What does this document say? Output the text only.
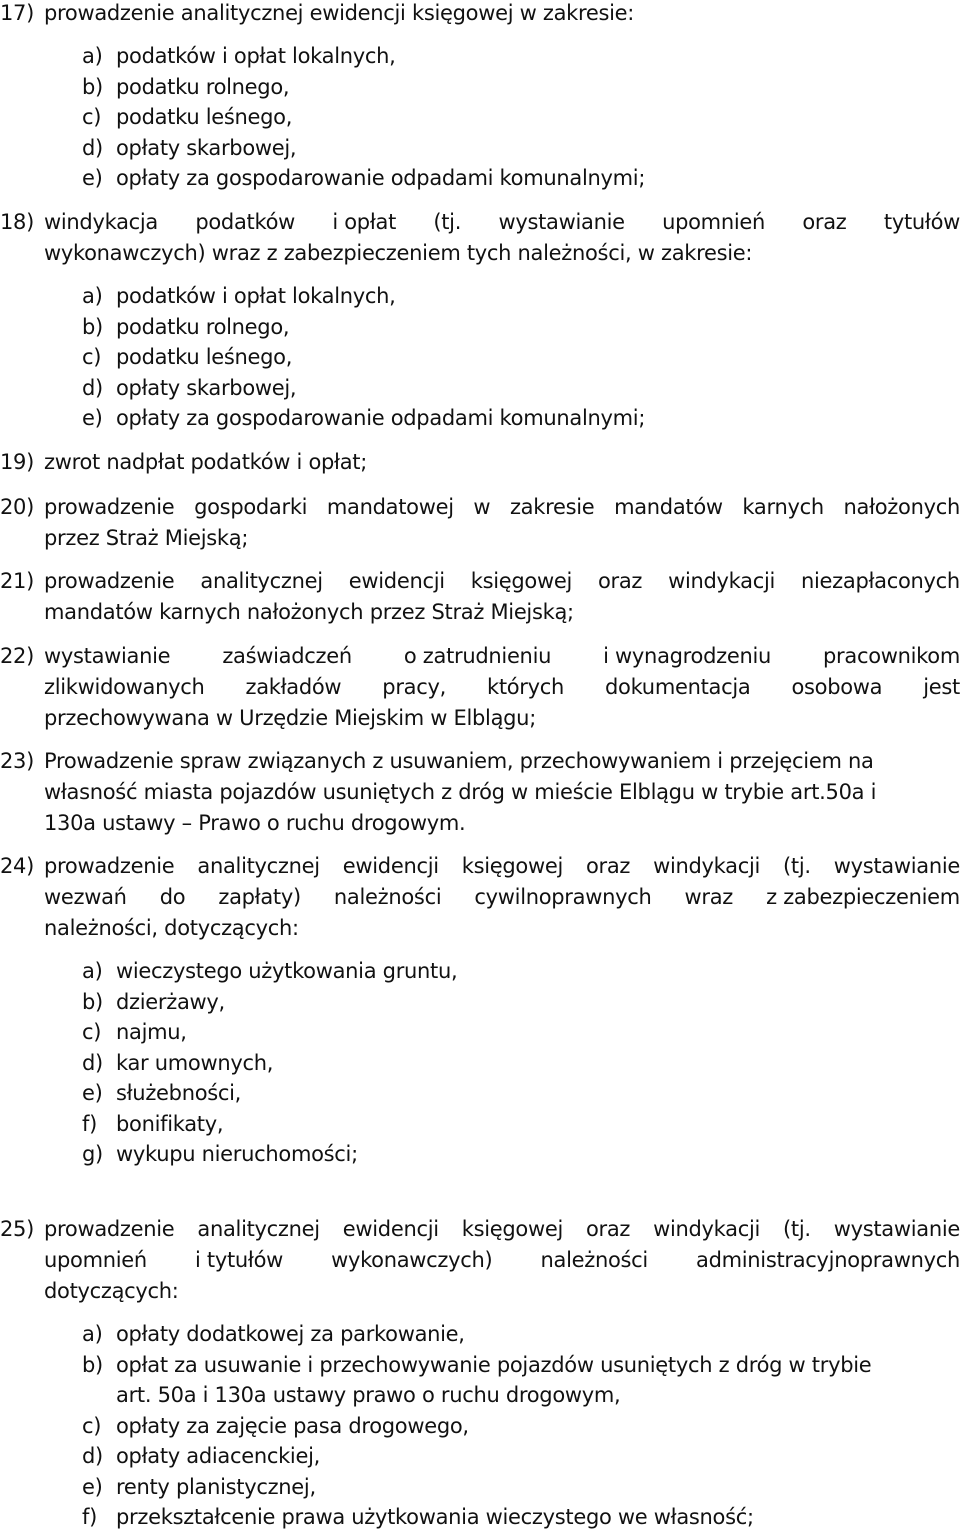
17) prowadzenie analitycznej ewidencji księgowej w zakresie:
a) podatków i opłat lokalnych,
b) podatku rolnego,
c) podatku leśnego,
d) opłaty skarbowej,
e) opłaty za gospodarowanie odpadami komunalnymi;
18) windykacja podatków i opłat (tj. wystawianie upomnień oraz tytułów
wykonawczych) wraz z zabezpieczeniem tych należności, w zakresie:
a) podatków i opłat lokalnych,
b) podatku rolnego,
c) podatku leśnego,
d) opłaty skarbowej,
e) opłaty za gospodarowanie odpadami komunalnymi;
19) zwrot nadpłat podatków i opłat;
20) prowadzenie gospodarki mandatowej w zakresie mandatów karnych nałożonych
przez Straż Miejską;
21) prowadzenie analitycznej ewidencji księgowej oraz windykacji niezapłaconych
mandatów karnych nałożonych przez Straż Miejską;
22) wystawianie zaświadczeń o zatrudnieniu i wynagrodzeniu pracownikom
zlikwidowanych zakładów pracy, których dokumentacja osobowa jest
przechowywana w Urzędzie Miejskim w Elblągu;
23) Prowadzenie spraw związanych z usuwaniem, przechowywaniem i przejęciem na
własność miasta pojazdów usuniętych z dróg w mieście Elblągu w trybie art.50a i
130a ustawy – Prawo o ruchu drogowym.
24) prowadzenie analitycznej ewidencji księgowej oraz windykacji (tj. wystawianie
wezwań do zapłaty) należności cywilnoprawnych wraz z zabezpieczeniem
należności, dotyczących:
a) wieczystego użytkowania gruntu,
b) dzierżawy,
c) najmu,
d) kar umownych,
e) służebności,
f) bonifikaty,
g) wykupu nieruchomości;
25) prowadzenie analitycznej ewidencji księgowej oraz windykacji (tj. wystawianie
upomnień i tytułów wykonawczych) należności administracyjnoprawnych
dotyczących:
a) opłaty dodatkowej za parkowanie,
b) opłat za usuwanie i przechowywanie pojazdów usuniętych z dróg w trybie
art. 50a i 130a ustawy prawo o ruchu drogowym,
c) opłaty za zajęcie pasa drogowego,
d) opłaty adiacenckiej,
e) renty planistycznej,
f) przekształcenie prawa użytkowania wieczystego we własność;
